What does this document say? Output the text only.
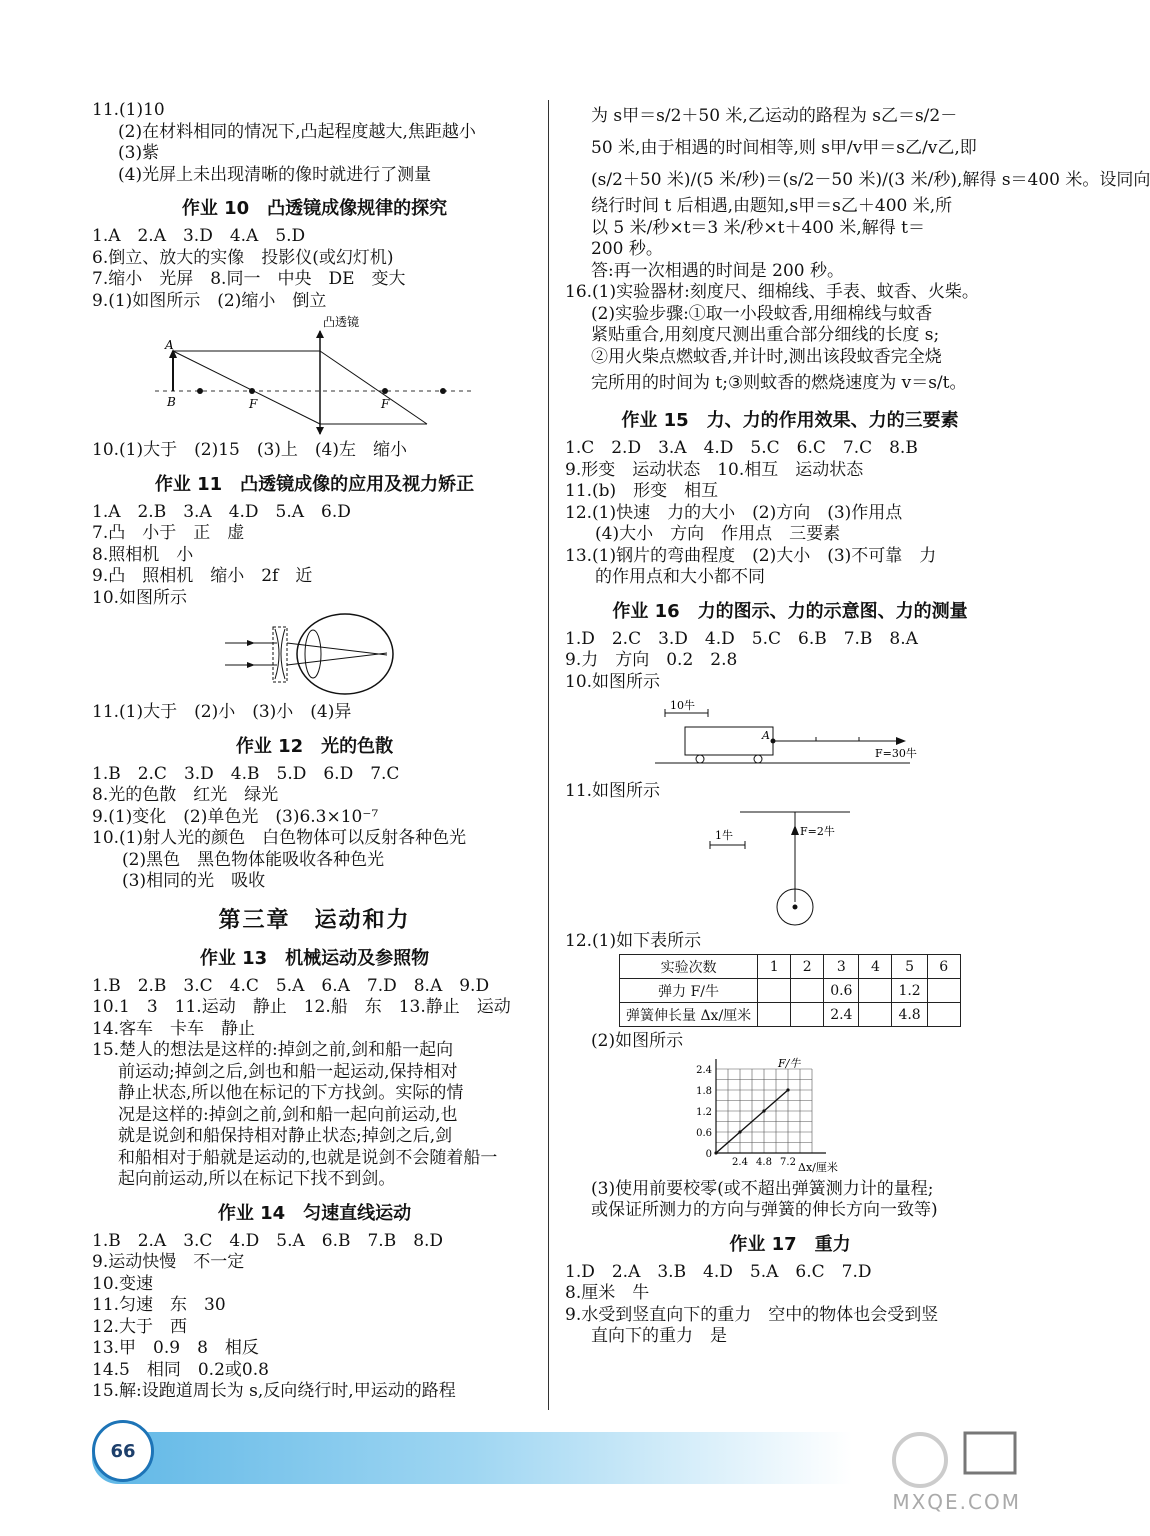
11.(1)10
(2)在材料相同的情况下,凸起程度越大,焦距越小
(3)紫
(4)光屏上未出现清晰的像时就进行了测量
作业 10　凸透镜成像规律的探究
1.A　2.A　3.D　4.A　5.D
6.倒立、放大的实像　投影仪(或幻灯机)
7.缩小　光屏　8.同一　中央　DE　变大
9.(1)如图所示　(2)缩小　倒立
凸透镜
A
B	F	F
10.(1)大于　(2)15　(3)上　(4)左　缩小
作业 11　凸透镜成像的应用及视力矫正
1.A　2.B　3.A　4.D　5.A　6.D
7.凸　小于　正　虚
8.照相机　小
9.凸　照相机　缩小　2f　近
10.如图所示
11.(1)大于　(2)小　(3)小　(4)异
作业 12　光的色散
1.B　2.C　3.D　4.B　5.D　6.D　7.C
8.光的色散　红光　绿光
9.(1)变化　(2)单色光　(3)6.3×10⁻⁷
10.(1)射人光的颜色　白色物体可以反射各种色光
(2)黑色　黑色物体能吸收各种色光
(3)相同的光　吸收
第三章　运动和力
作业 13　机械运动及参照物
1.B　2.B　3.C　4.C　5.A　6.A　7.D　8.A　9.D
10.1　3　11.运动　静止　12.船　东　13.静止　运动
14.客车　卡车　静止
15.楚人的想法是这样的:掉剑之前,剑和船一起向
前运动;掉剑之后,剑也和船一起运动,保持相对
静止状态,所以他在标记的下方找剑。实际的情
况是这样的:掉剑之前,剑和船一起向前运动,也
就是说剑和船保持相对静止状态;掉剑之后,剑
和船相对于船就是运动的,也就是说剑不会随着船一
起向前运动,所以在标记下找不到剑。
作业 14　匀速直线运动
1.B　2.A　3.C　4.D　5.A　6.B　7.B　8.D
9.运动快慢　不一定
10.变速
11.匀速　东　30
12.大于　西
13.甲　0.9　8　相反
14.5　相同　0.2或0.8
15.解:设跑道周长为 s,反向绕行时,甲运动的路程
为 s甲＝s/2＋50 米,乙运动的路程为 s乙＝s/2－
50 米,由于相遇的时间相等,则 s甲/v甲＝s乙/v乙,即
(s/2＋50 米)/(5 米/秒)＝(s/2－50 米)/(3 米/秒),解得 s＝400 米。设同向
绕行时间 t 后相遇,由题知,s甲＝s乙＋400 米,所
以 5 米/秒×t＝3 米/秒×t＋400 米,解得 t＝
200 秒。
答:再一次相遇的时间是 200 秒。
16.(1)实验器材:刻度尺、细棉线、手表、蚊香、火柴。
(2)实验步骤:①取一小段蚊香,用细棉线与蚊香
紧贴重合,用刻度尺测出重合部分细线的长度 s;
②用火柴点燃蚊香,并计时,测出该段蚊香完全烧
完所用的时间为 t;③则蚊香的燃烧速度为 v＝s/t。
作业 15　力、力的作用效果、力的三要素
1.C　2.D　3.A　4.D　5.C　6.C　7.C　8.B
9.形变　运动状态　10.相互　运动状态
11.(b)　形变　相互
12.(1)快速　力的大小　(2)方向　(3)作用点
(4)大小　方向　作用点　三要素
13.(1)钢片的弯曲程度　(2)大小　(3)不可靠　力
的作用点和大小都不同
作业 16　力的图示、力的示意图、力的测量
1.D　2.C　3.D　4.D　5.C　6.B　7.B　8.A
9.力　方向　0.2　2.8
10.如图所示
10牛
A
F=30牛
11.如图所示
F=2牛
1牛
12.(1)如下表所示
实验次数	1	2	3	4	5	6
弹力 F/牛			0.6		1.2	
弹簧伸长量 Δx/厘米			2.4		4.8	
(2)如图所示
0
0.6
1.2
1.8
2.4
2.4 4.8 7.2
F/牛
Δx/厘米
(3)使用前要校零(或不超出弹簧测力计的量程;
或保证所测力的方向与弹簧的伸长方向一致等)
作业 17　重力
1.D　2.A　3.B　4.D　5.A　6.C　7.D
8.厘米　牛
9.水受到竖直向下的重力　空中的物体也会受到竖
直向下的重力　是
66
MXQE.COM
